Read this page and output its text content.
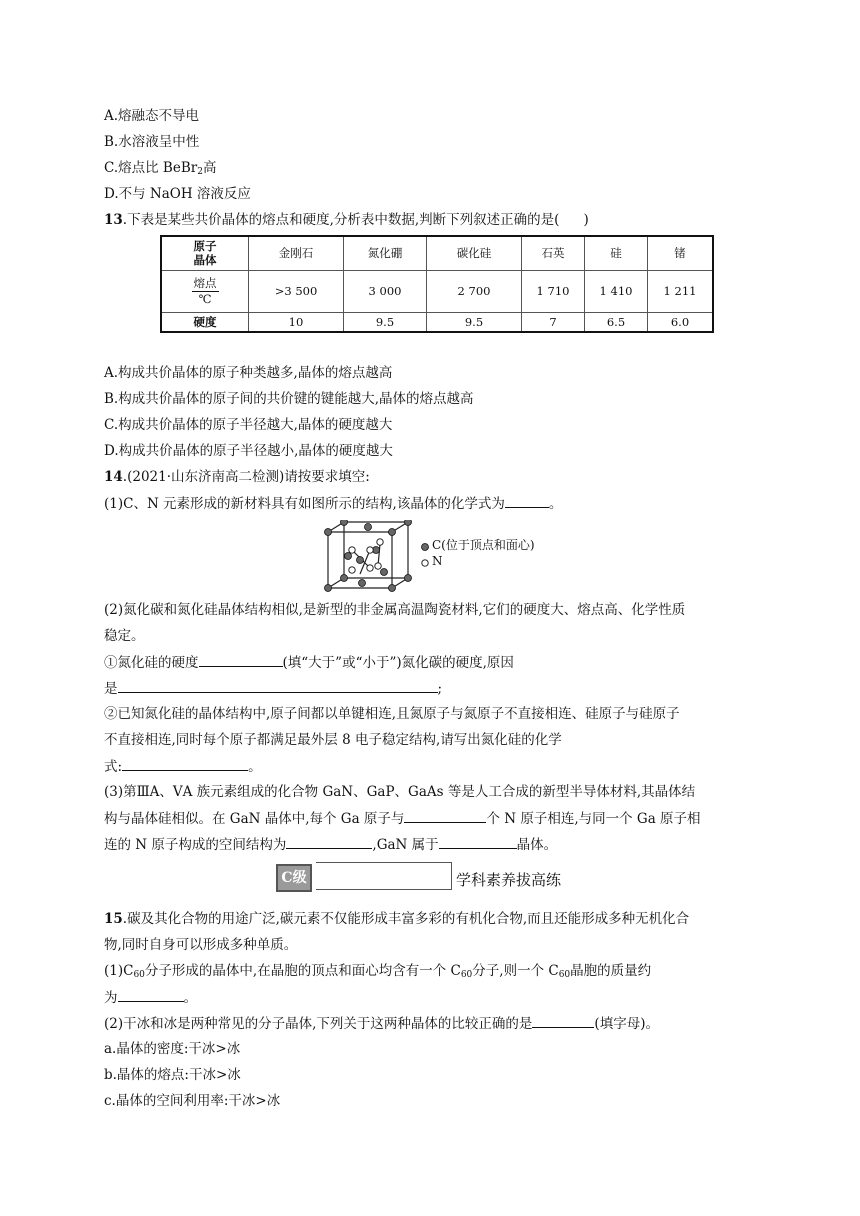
A.熔融态不导电
B.水溶液呈中性
C.熔点比 BeBr$_2$高
D.不与 NaOH 溶液反应
13.下表是某些共价晶体的熔点和硬度,分析表中数据,判断下列叙述正确的是( )
原子
晶体	金刚石	氮化硼	碳化硅	石英	硅	锗

$\frac{\text{熔点}}{℃}$	>3 500	3 000	2 700	1 710	1 410	1 211
硬度	10	9.5	9.5	7	6.5	6.0
A.构成共价晶体的原子种类越多,晶体的熔点越高
B.构成共价晶体的原子间的共价键的键能越大,晶体的熔点越高
C.构成共价晶体的原子半径越大,晶体的硬度越大
D.构成共价晶体的原子半径越小,晶体的硬度越大
14.(2021·山东济南高二检测)请按要求填空:
(1)C、N 元素形成的新材料具有如图所示的结构,该晶体的化学式为	。
C(位于顶点和面心)
N
(2)氮化碳和氮化硅晶体结构相似,是新型的非金属高温陶瓷材料,它们的硬度大、熔点高、化学性质
稳定。
①氮化硅的硬度	(填“大于”或“小于”)氮化碳的硬度,原因
是	;
②已知氮化硅的晶体结构中,原子间都以单键相连,且氮原子与氮原子不直接相连、硅原子与硅原子
不直接相连,同时每个原子都满足最外层 8 电子稳定结构,请写出氮化硅的化学
式:	。
(3)第ⅢA、ⅤA 族元素组成的化合物 GaN、GaP、GaAs 等是人工合成的新型半导体材料,其晶体结
构与晶体硅相似。在 GaN 晶体中,每个 Ga 原子与	个 N 原子相连,与同一个 Ga 原子相
连的 N 原子构成的空间结构为	,GaN 属于	晶体。
C级	学科素养拔高练
15.碳及其化合物的用途广泛,碳元素不仅能形成丰富多彩的有机化合物,而且还能形成多种无机化合
物,同时自身可以形成多种单质。
$(1)C_{60}$分子形成的晶体中,在晶胞的顶点和面心均含有一个 $C_{60}$分子,则一个 $C_{60}$晶胞的质量约
为	。
(2)干冰和冰是两种常见的分子晶体,下列关于这两种晶体的比较正确的是	(填字母)。
a.晶体的密度:干冰>冰
b.晶体的熔点:干冰>冰
c.晶体的空间利用率:干冰>冰
